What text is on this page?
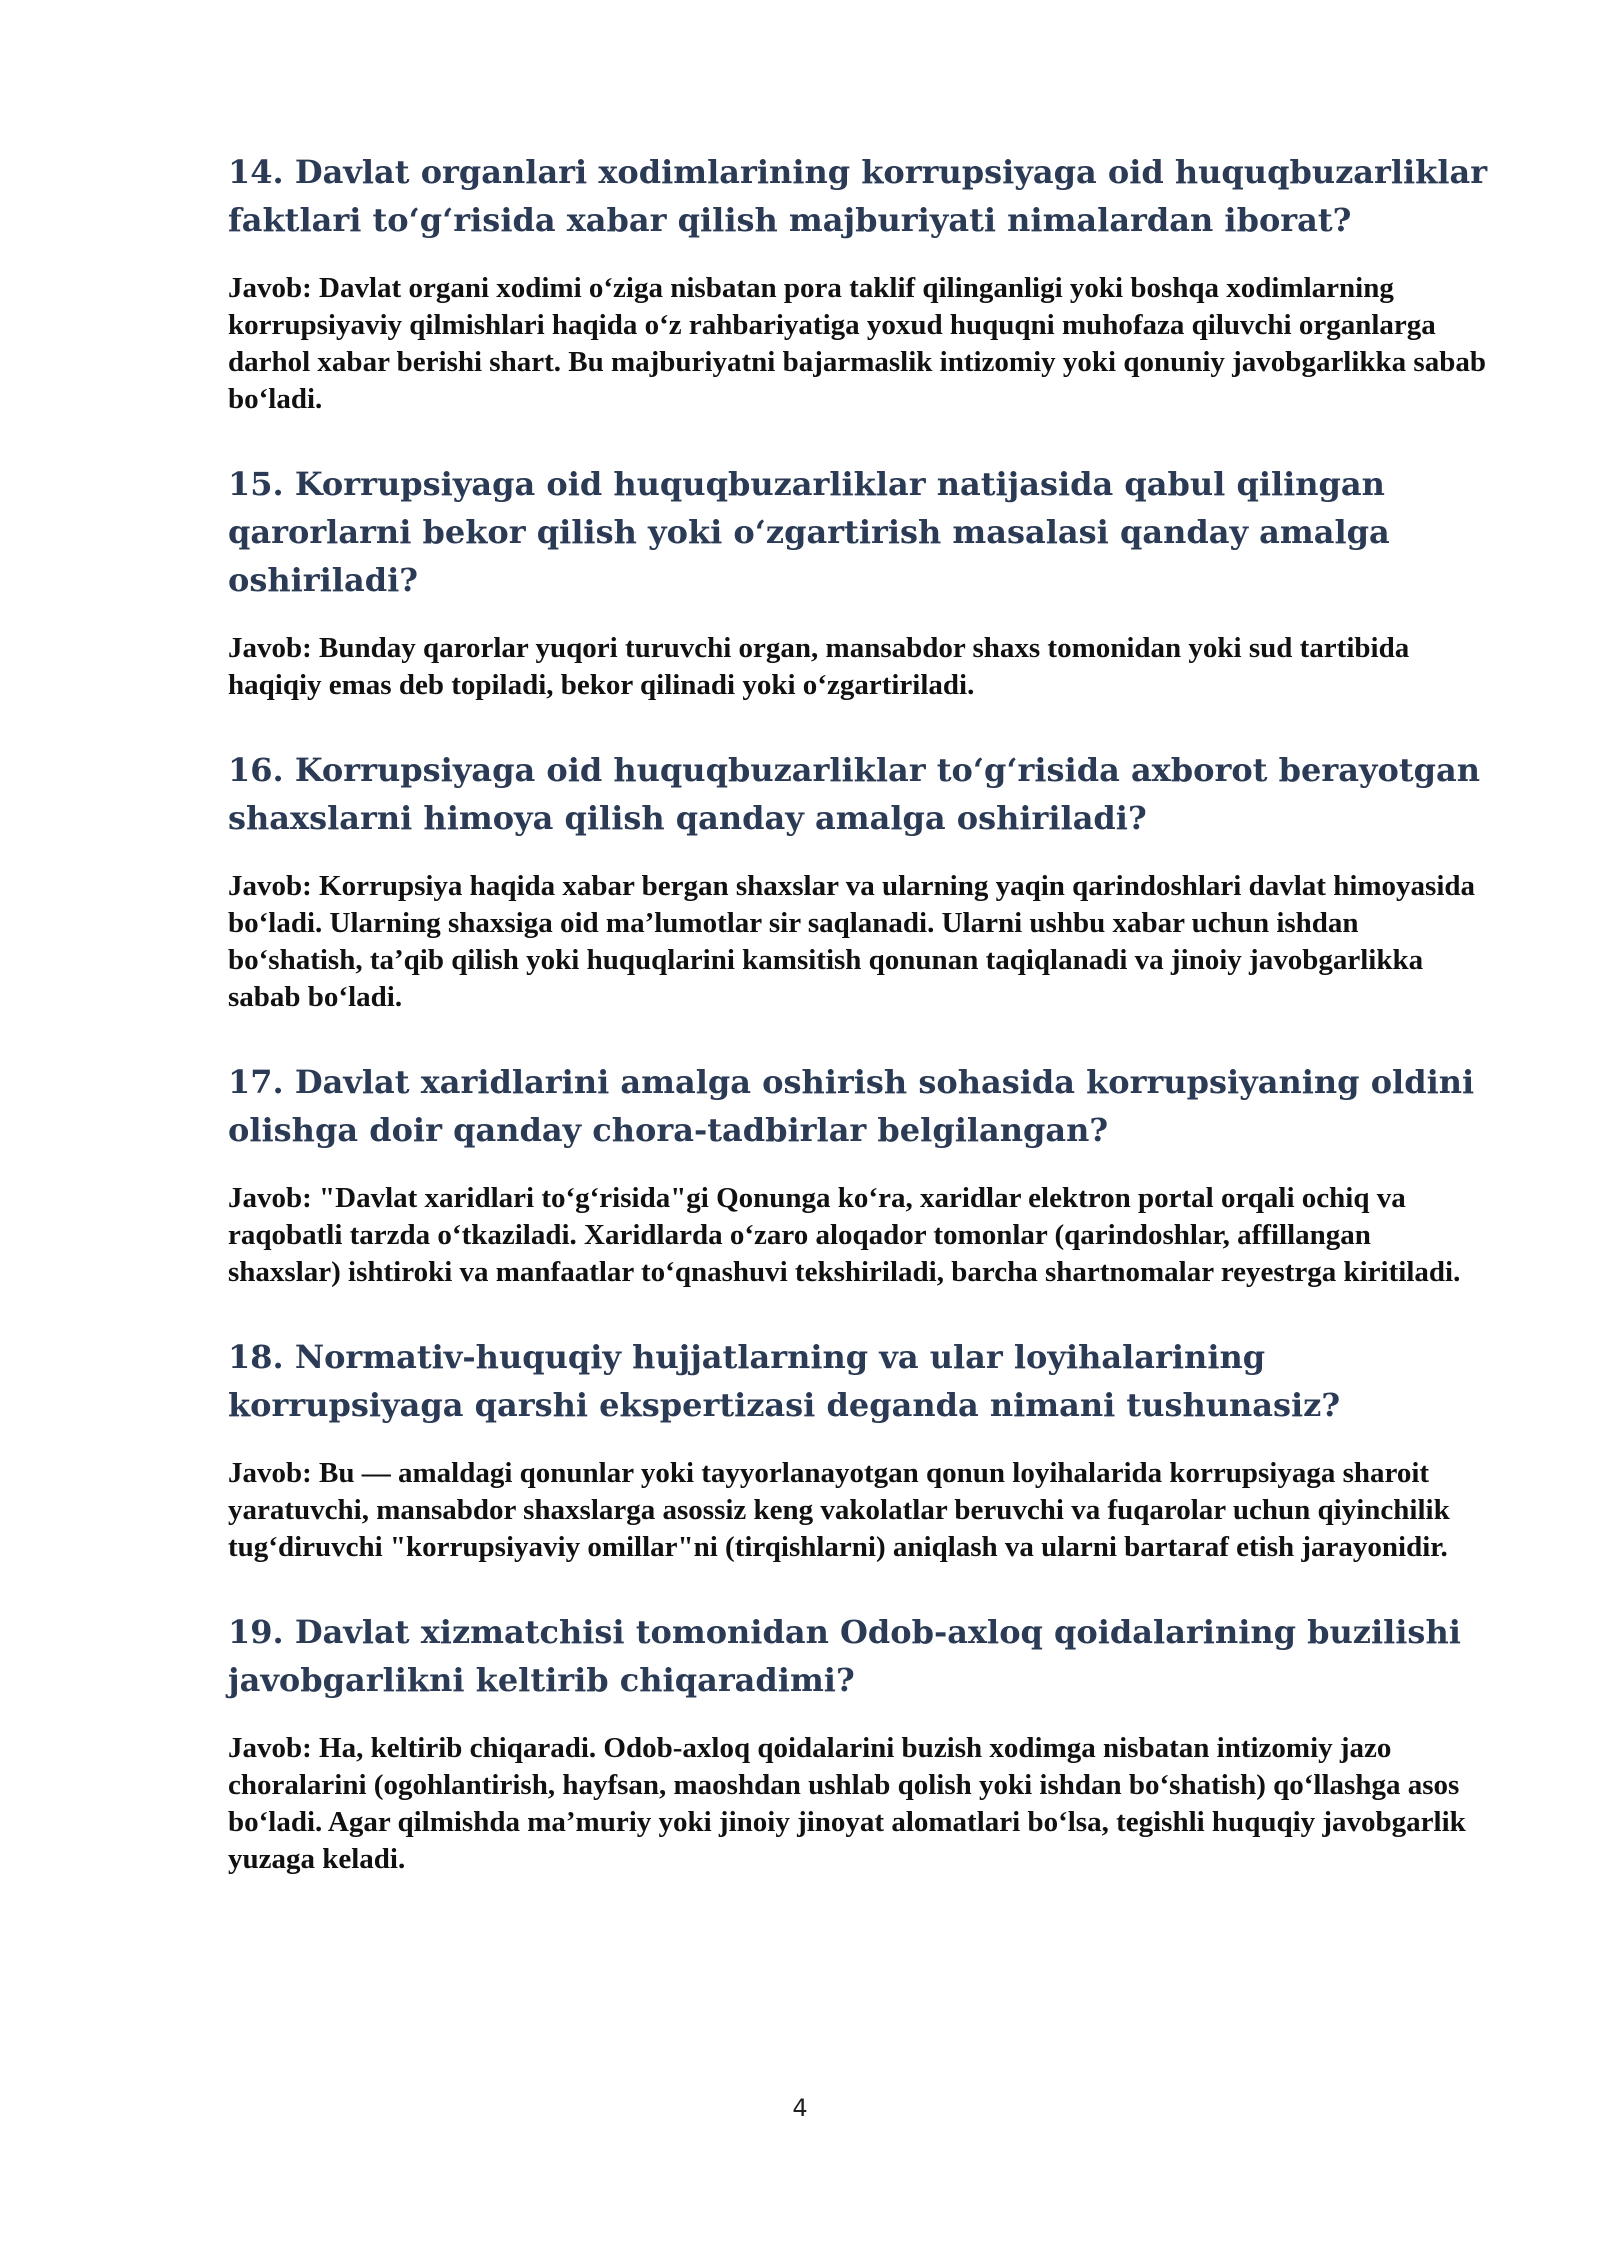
14. Davlat organlari xodimlarining korrupsiyaga oid huquqbuzarliklar faktlari to‘g‘risida xabar qilish majburiyati nimalardan iborat?

Javob: Davlat organi xodimi o‘ziga nisbatan pora taklif qilinganligi yoki boshqa xodimlarning korrupsiyaviy qilmishlari haqida o‘z rahbariyatiga yoxud huquqni muhofaza qiluvchi organlarga darhol xabar berishi shart. Bu majburiyatni bajarmaslik intizomiy yoki qonuniy javobgarlikka sabab bo‘ladi.

15. Korrupsiyaga oid huquqbuzarliklar natijasida qabul qilingan qarorlarni bekor qilish yoki o‘zgartirish masalasi qanday amalga oshiriladi?

Javob: Bunday qarorlar yuqori turuvchi organ, mansabdor shaxs tomonidan yoki sud tartibida haqiqiy emas deb topiladi, bekor qilinadi yoki o‘zgartiriladi.

16. Korrupsiyaga oid huquqbuzarliklar to‘g‘risida axborot berayotgan shaxslarni himoya qilish qanday amalga oshiriladi?

Javob: Korrupsiya haqida xabar bergan shaxslar va ularning yaqin qarindoshlari davlat himoyasida bo‘ladi. Ularning shaxsiga oid ma’lumotlar sir saqlanadi. Ularni ushbu xabar uchun ishdan bo‘shatish, ta’qib qilish yoki huquqlarini kamsitish qonunan taqiqlanadi va jinoiy javobgarlikka sabab bo‘ladi.

17. Davlat xaridlarini amalga oshirish sohasida korrupsiyaning oldini olishga doir qanday chora-tadbirlar belgilangan?

Javob: "Davlat xaridlari to‘g‘risida"gi Qonunga ko‘ra, xaridlar elektron portal orqali ochiq va raqobatli tarzda o‘tkaziladi. Xaridlarda o‘zaro aloqador tomonlar (qarindoshlar, affillangan shaxslar) ishtiroki va manfaatlar to‘qnashuvi tekshiriladi, barcha shartnomalar reyestrga kiritiladi.

18. Normativ-huquqiy hujjatlarning va ular loyihalarining korrupsiyaga qarshi ekspertizasi deganda nimani tushunasiz?

Javob: Bu — amaldagi qonunlar yoki tayyorlanayotgan qonun loyihalarida korrupsiyaga sharoit yaratuvchi, mansabdor shaxslarga asossiz keng vakolatlar beruvchi va fuqarolar uchun qiyinchilik tug‘diruvchi "korrupsiyaviy omillar"ni (tirqishlarni) aniqlash va ularni bartaraf etish jarayonidir.

19. Davlat xizmatchisi tomonidan Odob-axloq qoidalarining buzilishi javobgarlikni keltirib chiqaradimi?

Javob: Ha, keltirib chiqaradi. Odob-axloq qoidalarini buzish xodimga nisbatan intizomiy jazo choralarini (ogohlantirish, hayfsan, maoshdan ushlab qolish yoki ishdan bo‘shatish) qo‘llashga asos bo‘ladi. Agar qilmishda ma’muriy yoki jinoiy jinoyat alomatlari bo‘lsa, tegishli huquqiy javobgarlik yuzaga keladi.

4
